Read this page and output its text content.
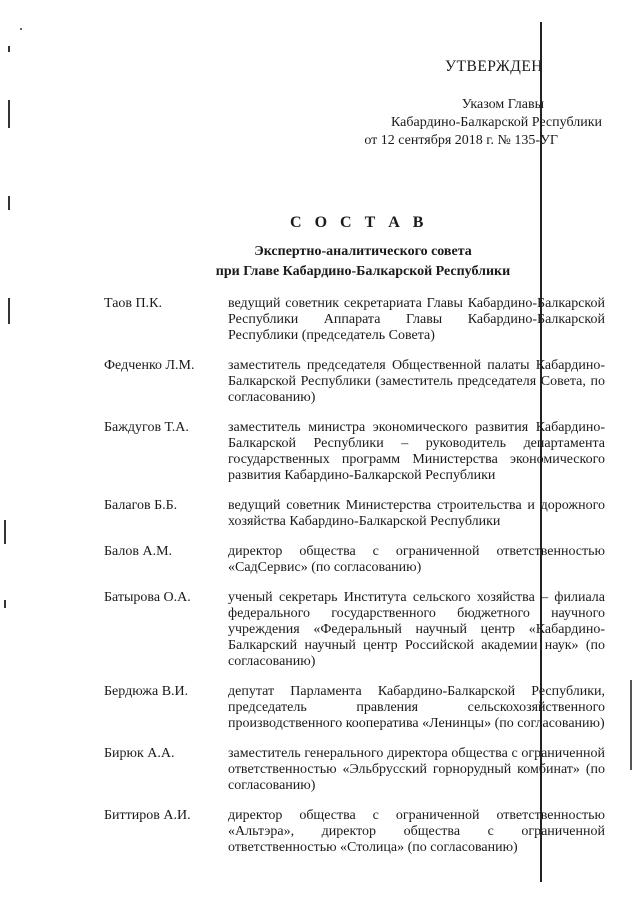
УТВЕРЖДЕН
Указом Главы
Кабардино-Балкарской Республики
от 12 сентября 2018 г. № 135-УГ
С О С Т А В
Экспертно-аналитического совета
при Главе Кабардино-Балкарской Республики
Таов П.К.	ведущий советник секретариата Главы Кабардино-Балкарской Республики Аппарата Главы Кабардино-Балкарской Республики (председатель Совета)
Федченко Л.М.	заместитель председателя Общественной палаты Кабардино-Балкарской Республики (заместитель председателя Совета, по согласованию)
Баждугов Т.А.	заместитель министра экономического развития Кабардино-Балкарской Республики – руководитель департамента государственных программ Министерства экономического развития Кабардино-Балкарской Республики
Балагов Б.Б.	ведущий советник Министерства строительства и дорожного хозяйства Кабардино-Балкарской Республики
Балов А.М.	директор общества с ограниченной ответственностью «СадСервис» (по согласованию)
Батырова О.А.	ученый секретарь Института сельского хозяйства – филиала федерального государственного бюджетного научного учреждения «Федеральный научный центр «Кабардино-Балкарский научный центр Российской академии наук» (по согласованию)
Бердюжа В.И.	депутат Парламента Кабардино-Балкарской Республики, председатель правления сельскохозяйственного производственного кооператива «Ленинцы» (по согласованию)
Бирюк А.А.	заместитель генерального директора общества с ограниченной ответственностью «Эльбрусский горнорудный комбинат» (по согласованию)
Биттиров А.И.	директор общества с ограниченной ответственностью «Альтэра», директор общества с ограниченной ответственностью «Столица» (по согласованию)
